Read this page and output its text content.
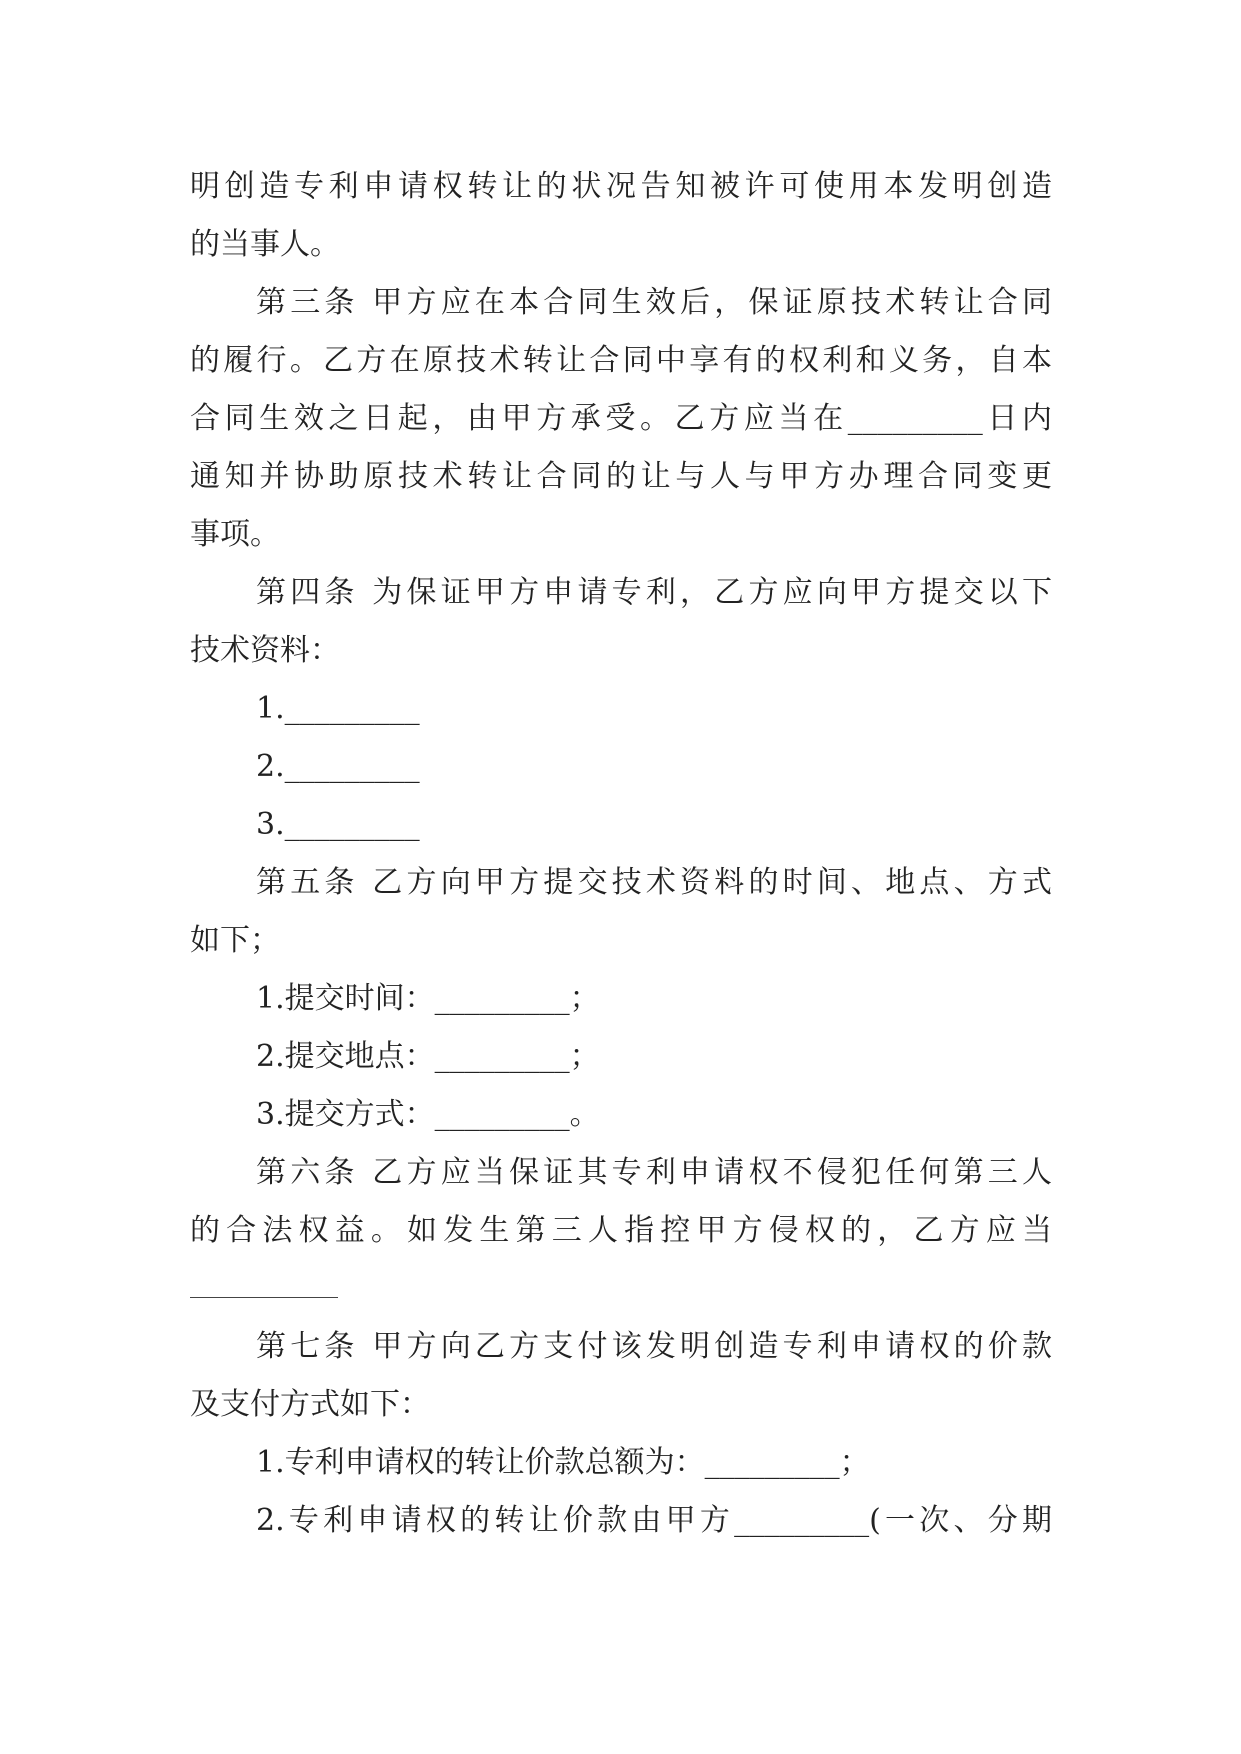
明创造专利申请权转让的状况告知被许可使用本发明创造
的当事人。
第三条 甲方应在本合同生效后，保证原技术转让合同
的履行。乙方在原技术转让合同中享有的权利和义务，自本
合同生效之日起，由甲方承受。乙方应当在_________日内
通知并协助原技术转让合同的让与人与甲方办理合同变更
事项。
第四条 为保证甲方申请专利，乙方应向甲方提交以下
技术资料：
1._________
2._________
3._________
第五条 乙方向甲方提交技术资料的时间、地点、方式
如下；
1.提交时间：_________；
2.提交地点：_________；
3.提交方式：_________。
第六条 乙方应当保证其专利申请权不侵犯任何第三人
的合法权益。如发生第三人指控甲方侵权的，乙方应当
第七条 甲方向乙方支付该发明创造专利申请权的价款
及支付方式如下：
1.专利申请权的转让价款总额为：_________；
2.专利申请权的转让价款由甲方_________(一次、分期
